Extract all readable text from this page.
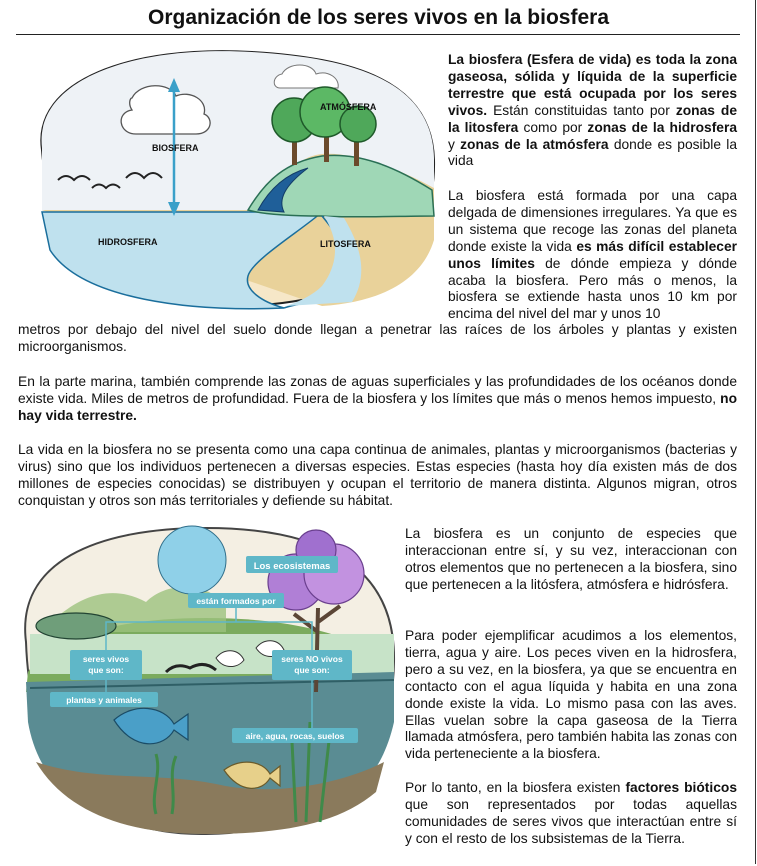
Organización de los seres vivos en la biosfera
BIOSFERA
ATMÓSFERA
HIDROSFERA	LITOSFERA

La biosfera (Esfera de vida) es toda la zona gaseosa, sólida y líquida de la superficie terrestre que está ocupada por los seres vivos. Están constituidas tanto por zonas de la litosfera como por zonas de la hidrosfera y zonas de la atmósfera donde es posible la vida

La biosfera está formada por una capa delgada de dimensiones irregulares. Ya que es un sistema que recoge las zonas del planeta donde existe la vida es más difícil establecer unos límites de dónde empieza y dónde acaba la biosfera. Pero más o menos, la biosfera se extiende hasta unos 10 km por encima del nivel del mar y unos 10

metros por debajo del nivel del suelo donde llegan a penetrar las raíces de los árboles y plantas y existen microorganismos.

En la parte marina, también comprende las zonas de aguas superficiales y las profundidades de los océanos donde existe vida. Miles de metros de profundidad. Fuera de la biosfera y los límites que más o menos hemos impuesto, no hay vida terrestre.

La vida en la biosfera no se presenta como una capa continua de animales, plantas y microorganismos (bacterias y virus) sino que los individuos pertenecen a diversas especies. Estas especies (hasta hoy día existen más de dos millones de especies conocidas) se distribuyen y ocupan el territorio de manera distinta. Algunos migran, otros conquistan y otros son más territoriales y defiende su hábitat.

Los ecosistemas
están formados por
seres vivos que son:
seres NO vivos que son:
plantas y animales
aire, agua, rocas, suelos

La biosfera es un conjunto de especies que interaccionan entre sí, y su vez, interaccionan con otros elementos que no pertenecen a la biosfera, sino que pertenecen a la litósfera, atmósfera e hidrósfera.

Para poder ejemplificar acudimos a los elementos, tierra, agua y aire. Los peces viven en la hidrosfera, pero a su vez, en la biosfera, ya que se encuentra en contacto con el agua líquida y habita en una zona donde existe la vida. Lo mismo pasa con las aves. Ellas vuelan sobre la capa gaseosa de la Tierra llamada atmósfera, pero también habita las zonas con vida perteneciente a la biosfera.

Por lo tanto, en la biosfera existen factores bióticos que son representados por todas aquellas comunidades de seres vivos que interactúan entre sí y con el resto de los subsistemas de la Tierra.
